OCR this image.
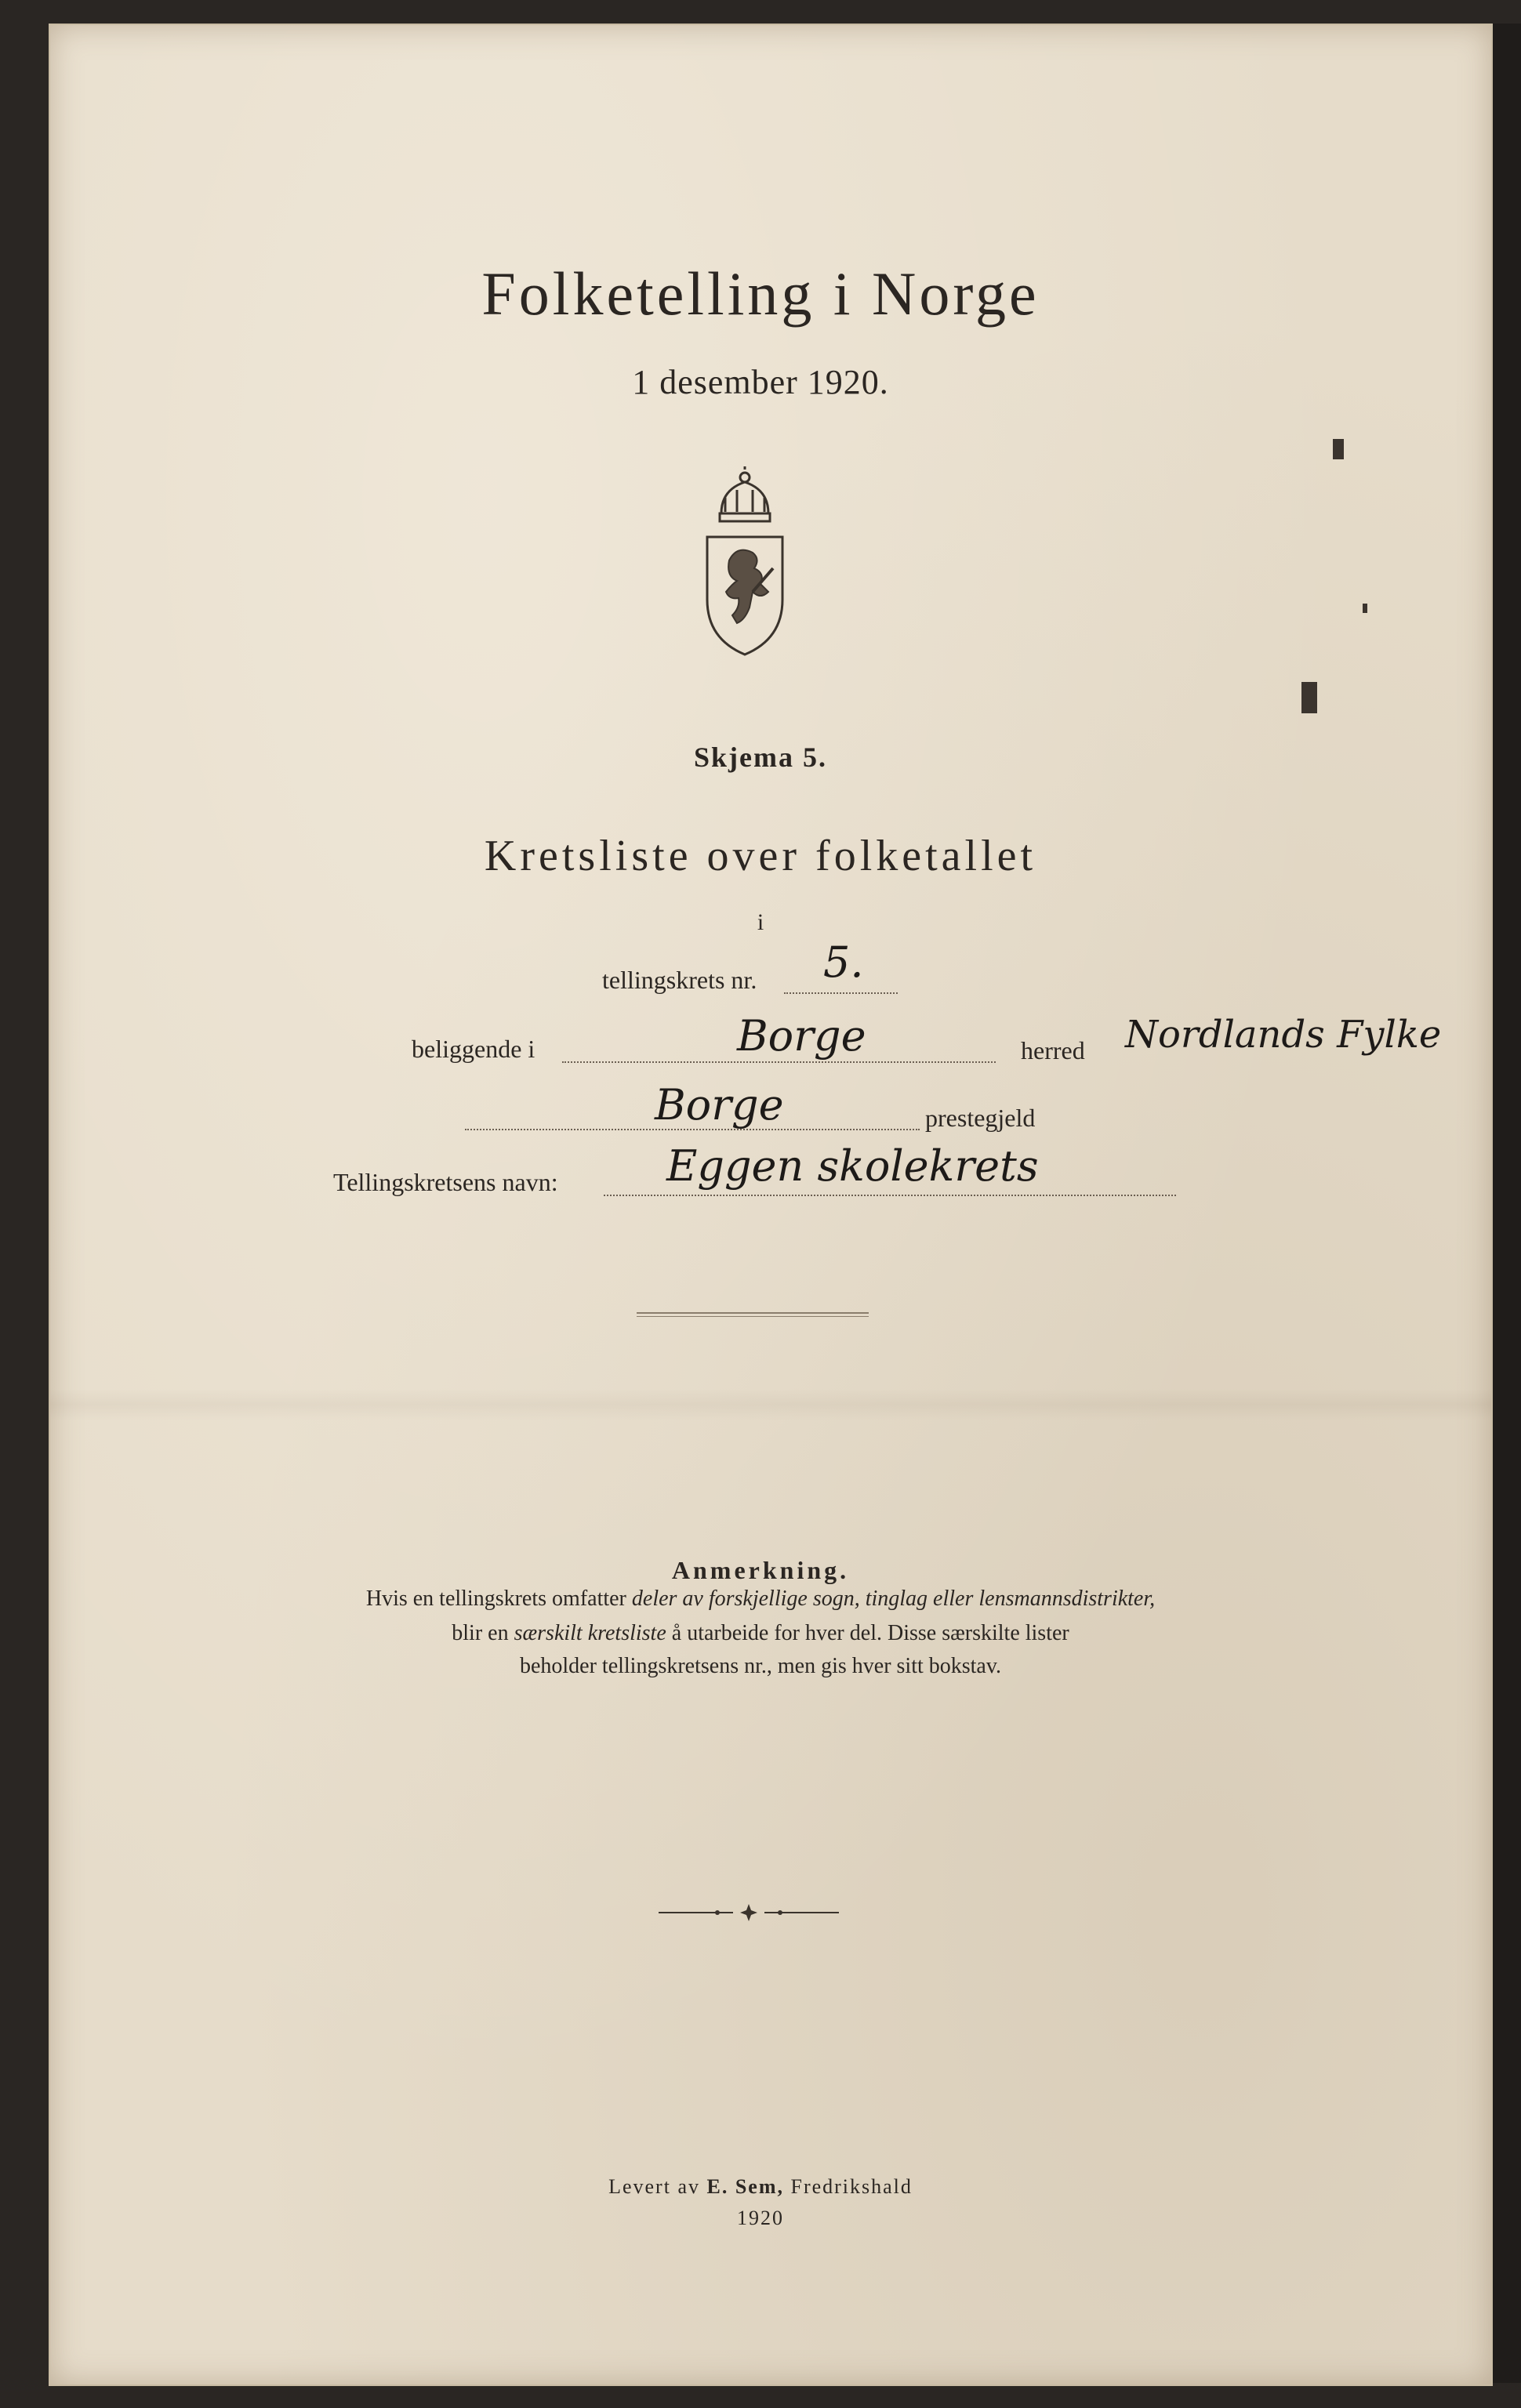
Folketelling i Norge
1 desember 1920.
Skjema 5.
Kretsliste over folketallet
i
tellingskrets nr. 5.
beliggende i	Borge	herred Nordlands Fylke
Borge	prestegjeld
Tellingskretsens navn:	Eggen skolekrets
Anmerkning.
Hvis en tellingskrets omfatter deler av forskjellige sogn, tinglag eller lensmannsdistrikter,
blir en særskilt kretsliste å utarbeide for hver del. Disse særskilte lister
beholder tellingskretsens nr., men gis hver sitt bokstav.
Levert av E. Sem, Fredrikshald
1920
